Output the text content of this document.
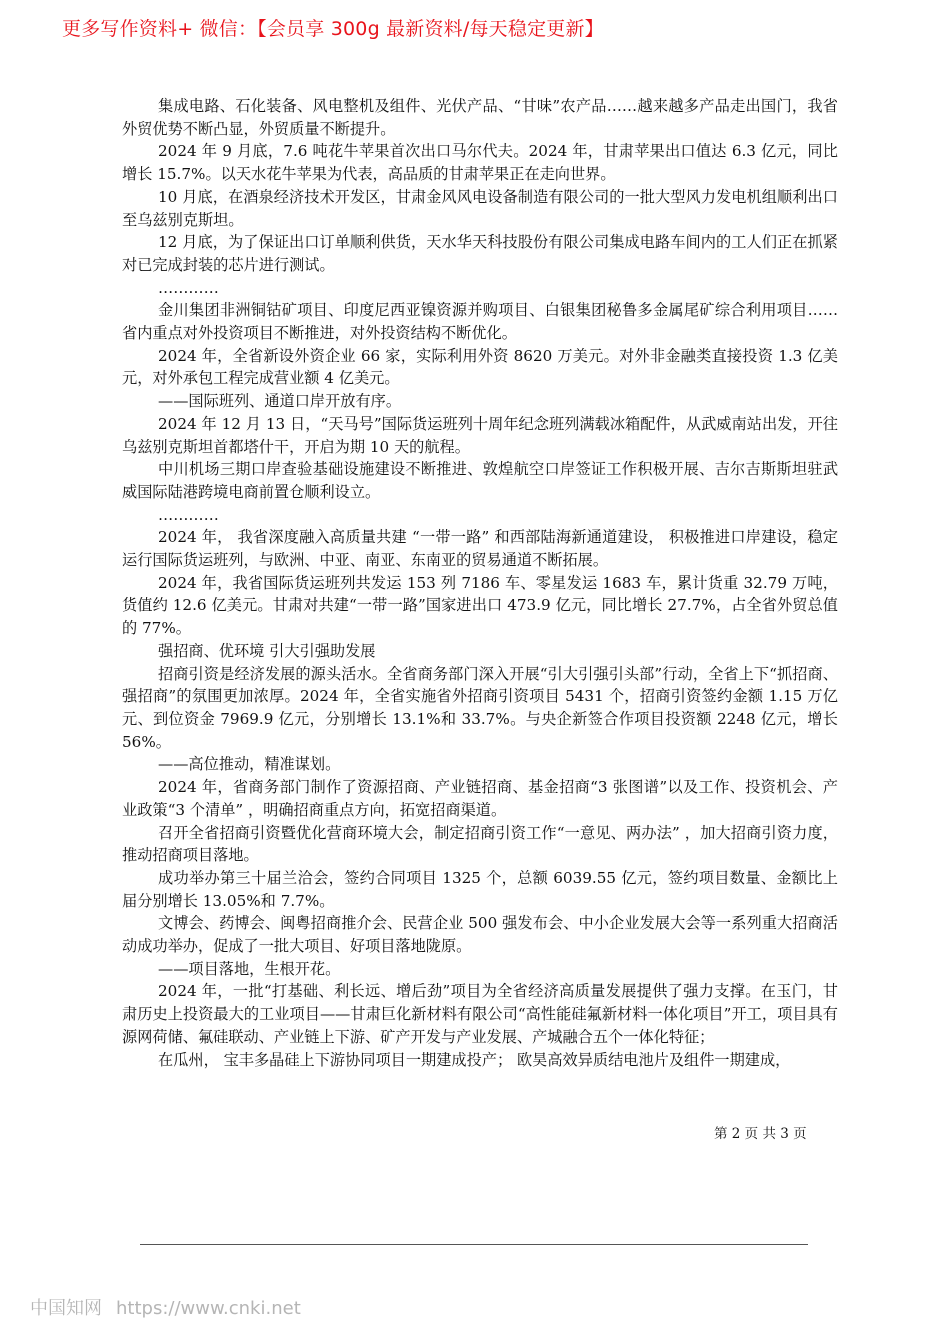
更多写作资料+ 微信：【会员享 300g 最新资料/每天稳定更新】

集成电路、石化装备、风电整机及组件、光伏产品、“甘味”农产品……越来越多产品走出国门，我省外贸优势不断凸显，外贸质量不断提升。

2024 年 9 月底，7.6 吨花牛苹果首次出口马尔代夫。2024 年，甘肃苹果出口值达 6.3 亿元，同比增长 15.7%。以天水花牛苹果为代表，高品质的甘肃苹果正在走向世界。

10 月底，在酒泉经济技术开发区，甘肃金风风电设备制造有限公司的一批大型风力发电机组顺利出口至乌兹别克斯坦。

12 月底，为了保证出口订单顺利供货，天水华天科技股份有限公司集成电路车间内的工人们正在抓紧对已完成封装的芯片进行测试。

…………

金川集团非洲铜钴矿项目、印度尼西亚镍资源并购项目、白银集团秘鲁多金属尾矿综合利用项目……省内重点对外投资项目不断推进，对外投资结构不断优化。

2024 年，全省新设外资企业 66 家，实际利用外资 8620 万美元。对外非金融类直接投资 1.3 亿美元，对外承包工程完成营业额 4 亿美元。

——国际班列、通道口岸开放有序。

2024 年 12 月 13 日，“天马号”国际货运班列十周年纪念班列满载冰箱配件，从武威南站出发，开往乌兹别克斯坦首都塔什干，开启为期 10 天的航程。

中川机场三期口岸查验基础设施建设不断推进、敦煌航空口岸签证工作积极开展、吉尔吉斯斯坦驻武威国际陆港跨境电商前置仓顺利设立。

…………

2024 年， 我省深度融入高质量共建 “一带一路” 和西部陆海新通道建设， 积极推进口岸建设，稳定运行国际货运班列，与欧洲、中亚、南亚、东南亚的贸易通道不断拓展。

2024 年，我省国际货运班列共发运 153 列 7186 车、零星发运 1683 车，累计货重 32.79 万吨，货值约 12.6 亿美元。甘肃对共建“一带一路”国家进出口 473.9 亿元，同比增长 27.7%，占全省外贸总值的 77%。

强招商、优环境 引大引强助发展

招商引资是经济发展的源头活水。全省商务部门深入开展“引大引强引头部”行动，全省上下“抓招商、强招商”的氛围更加浓厚。2024 年，全省实施省外招商引资项目 5431 个，招商引资签约金额 1.15 万亿元、到位资金 7969.9 亿元，分别增长 13.1%和 33.7%。与央企新签合作项目投资额 2248 亿元，增长 56%。

——高位推动，精准谋划。

2024 年，省商务部门制作了资源招商、产业链招商、基金招商“3 张图谱”以及工作、投资机会、产业政策“3 个清单” ，明确招商重点方向，拓宽招商渠道。

召开全省招商引资暨优化营商环境大会，制定招商引资工作“一意见、两办法” ，加大招商引资力度，推动招商项目落地。

成功举办第三十届兰洽会，签约合同项目 1325 个，总额 6039.55 亿元，签约项目数量、金额比上届分别增长 13.05%和 7.7%。

文博会、药博会、闽粤招商推介会、民营企业 500 强发布会、中小企业发展大会等一系列重大招商活动成功举办，促成了一批大项目、好项目落地陇原。

——项目落地，生根开花。

2024 年，一批“打基础、利长远、增后劲”项目为全省经济高质量发展提供了强力支撑。在玉门，甘肃历史上投资最大的工业项目——甘肃巨化新材料有限公司“高性能硅氟新材料一体化项目”开工，项目具有源网荷储、氟硅联动、产业链上下游、矿产开发与产业发展、产城融合五个一体化特征；

在瓜州， 宝丰多晶硅上下游协同项目一期建成投产； 欧昊高效异质结电池片及组件一期建成，

第 2 页 共 3 页
中国知网 https://www.cnki.net
